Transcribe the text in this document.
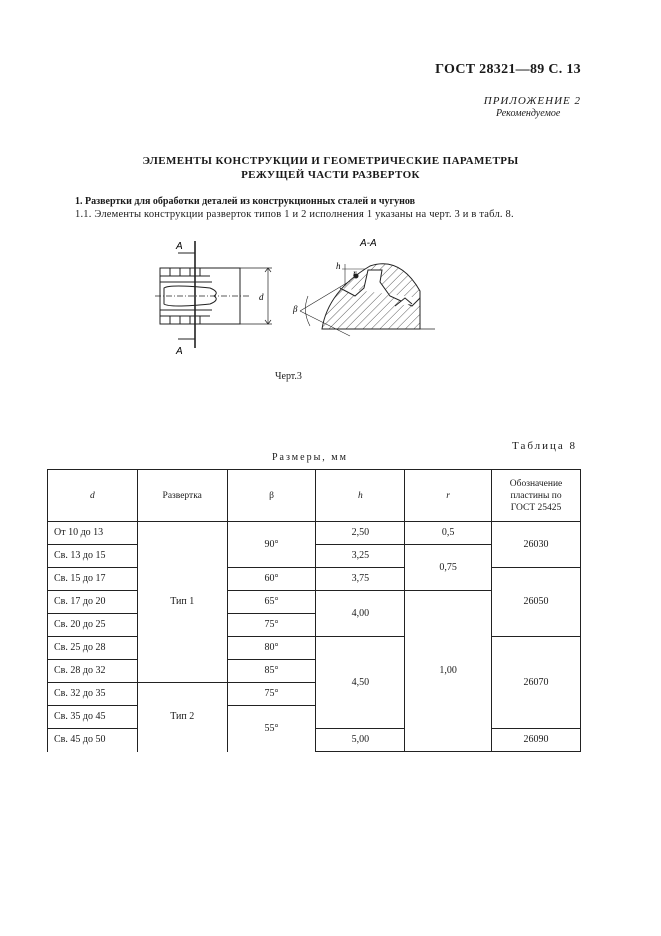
ГОСТ 28321—89 С. 13
ПРИЛОЖЕНИЕ 2
Рекомендуемое
ЭЛЕМЕНТЫ КОНСТРУКЦИИ И ГЕОМЕТРИЧЕСКИЕ ПАРАМЕТРЫ
РЕЖУЩЕЙ ЧАСТИ РАЗВЕРТОК
1. Развертки для обработки деталей из конструкционных сталей и чугунов
1.1. Элементы конструкции разверток типов 1 и 2 исполнения 1 указаны на черт. 3 и в табл. 8.
А
А
d
А-А
h
r
β
Черт.3
Таблица 8
Размеры, мм
d	Развертка	β	h	r	Обозначение
пластины по
ГОСТ 25425

От 10 до 13	Тип 1	90°	2,50	0,5	26030
Св. 13 до 15			3,25	0,75	
Св. 15 до 17		60°	3,75		26050
Св. 17 до 20		65°	4,00	1,00	
Св. 20 до 25		75°			
Св. 25 до 28		80°	4,50		26070
Св. 28 до 32		85°			
Св. 32 до 35	Тип 2	75°			
Св. 35 до 45		55°			
Св. 45 до 50			5,00		26090
